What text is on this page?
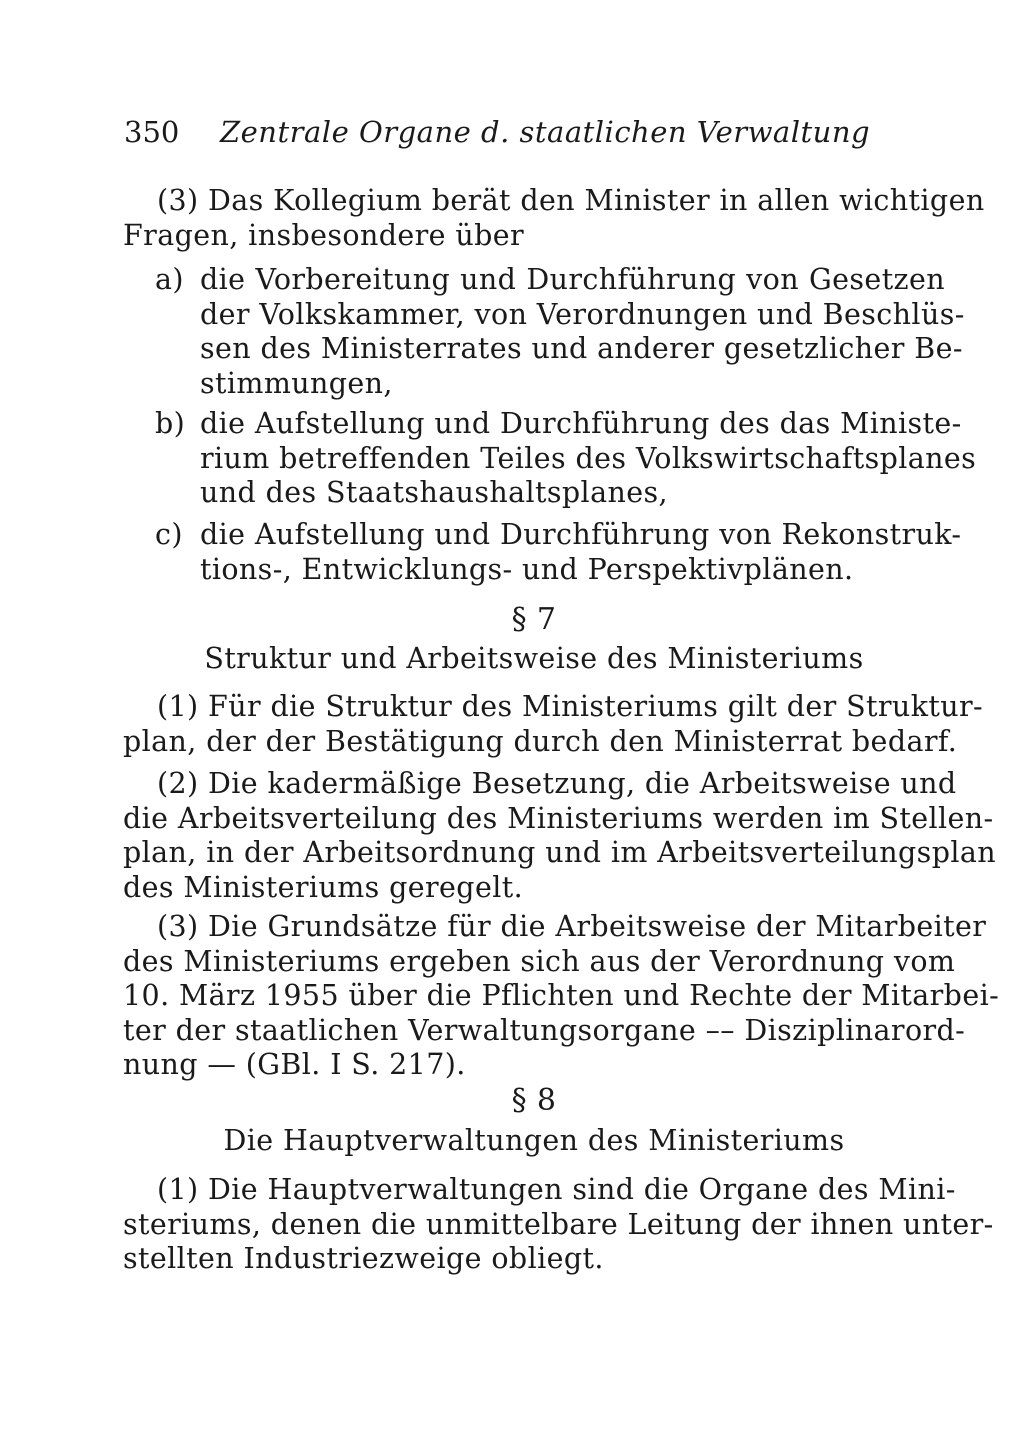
350 Zentrale Organe d. staatlichen Verwaltung
(3) Das Kollegium berät den Minister in allen wichtigen
Fragen, insbesondere über
a) die Vorbereitung und Durchführung von Gesetzen
der Volkskammer, von Verordnungen und Beschlüs-
sen des Ministerrates und anderer gesetzlicher Be-
stimmungen,
b) die Aufstellung und Durchführung des das Ministe-
rium betreffenden Teiles des Volkswirtschaftsplanes
und des Staatshaushaltsplanes,
c) die Aufstellung und Durchführung von Rekonstruk-
tions-, Entwicklungs- und Perspektivplänen.
§ 7
Struktur und Arbeitsweise des Ministeriums
(1) Für die Struktur des Ministeriums gilt der Struktur-
plan, der der Bestätigung durch den Ministerrat bedarf.
(2) Die kadermäßige Besetzung, die Arbeitsweise und
die Arbeitsverteilung des Ministeriums werden im Stellen-
plan, in der Arbeitsordnung und im Arbeitsverteilungsplan
des Ministeriums geregelt.
(3) Die Grundsätze für die Arbeitsweise der Mitarbeiter
des Ministeriums ergeben sich aus der Verordnung vom
10. März 1955 über die Pflichten und Rechte der Mitarbei-
ter der staatlichen Verwaltungsorgane –– Disziplinarord-
nung — (GBl. I S. 217).
§ 8
Die Hauptverwaltungen des Ministeriums
(1) Die Hauptverwaltungen sind die Organe des Mini-
steriums, denen die unmittelbare Leitung der ihnen unter-
stellten Industriezweige obliegt.
